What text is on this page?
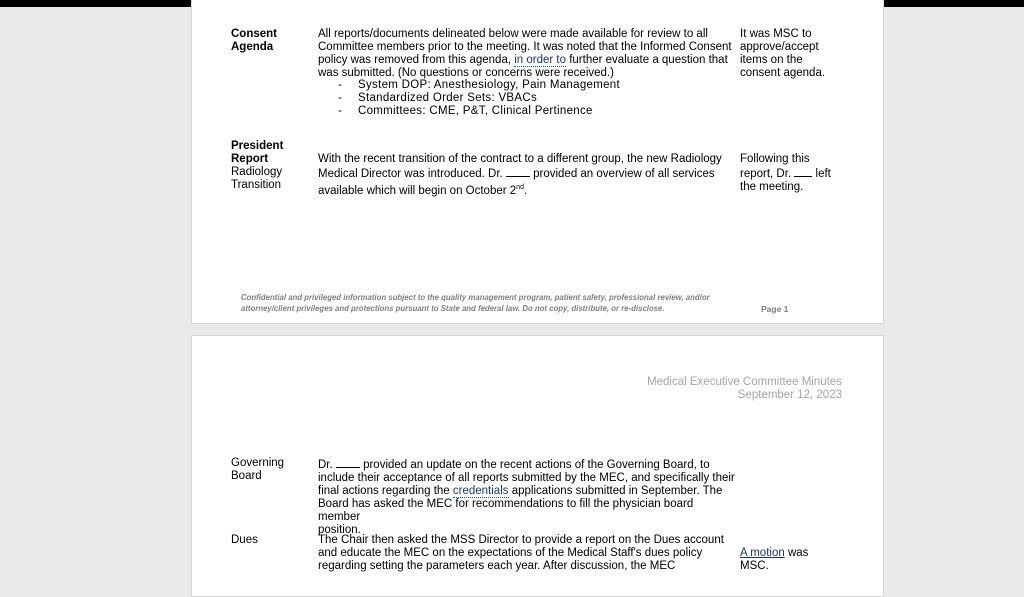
Consent
Agenda
All reports/documents delineated below were made available for review to all
Committee members prior to the meeting. It was noted that the Informed Consent
policy was removed from this agenda, in order to further evaluate a question that
was submitted. (No questions or concerns were received.)
- System DOP: Anesthesiology, Pain Management
- Standardized Order Sets: VBACs
- Committees: CME, P&T, Clinical Pertinence
It was MSC to
approve/accept
items on the
consent agenda.
President
Report
Radiology
Transition
With the recent transition of the contract to a different group, the new Radiology
Medical Director was introduced. Dr.  provided an overview of all services
available which will begin on October 2nd.
Following this
report, Dr.  left
the meeting.
Confidential and privileged information subject to the quality management program, patient safety, professional review, and/or
attorney/client privileges and protections pursuant to State and federal law. Do not copy, distribute, or re-disclose.	Page 1
Medical Executive Committee Minutes
September 12, 2023
Governing
Board
Dr.  provided an update on the recent actions of the Governing Board, to
include their acceptance of all reports submitted by the MEC, and specifically their
final actions regarding the credentials applications submitted in September. The
Board has asked the MEC for recommendations to fill the physician board member
position.
Dues	The Chair then asked the MSS Director to provide a report on the Dues account
and educate the MEC on the expectations of the Medical Staff's dues policy
regarding setting the parameters each year. After discussion, the MEC
A motion was
MSC.
